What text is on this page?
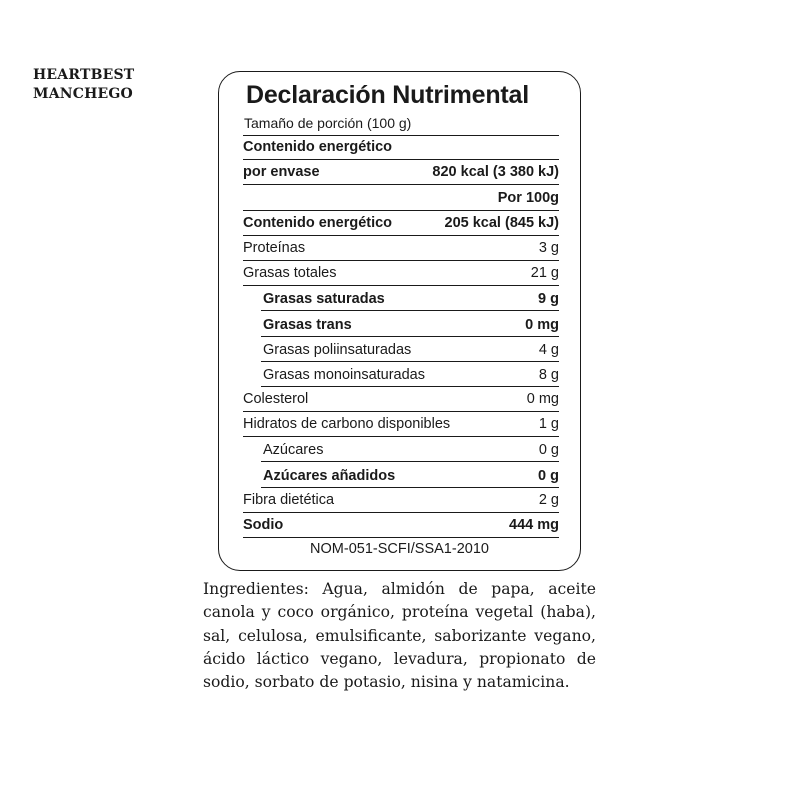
HEARTBEST
MANCHEGO	Declaración Nutrimental
Tamaño de porción (100 g)
Contenido energético
por envase	820 kcal (3 380 kJ)
Por 100g
Contenido energético	205 kcal (845 kJ)
Proteínas	3 g
Grasas totales	21 g
Grasas saturadas	9 g
Grasas trans	0 mg
Grasas poliinsaturadas	4 g
Grasas monoinsaturadas	8 g
Colesterol	0 mg
Hidratos de carbono disponibles	1 g
Azúcares	0 g
Azúcares añadidos	0 g
Fibra dietética	2 g
Sodio	444 mg
NOM-051-SCFI/SSA1-2010
Ingredientes: Agua, almidón de papa, aceite canola y coco orgánico, proteína vegetal (haba), sal, celulosa, emulsificante, saborizante vegano, ácido láctico vegano, levadura, propionato de sodio, sorbato de potasio, nisina y natamicina.
